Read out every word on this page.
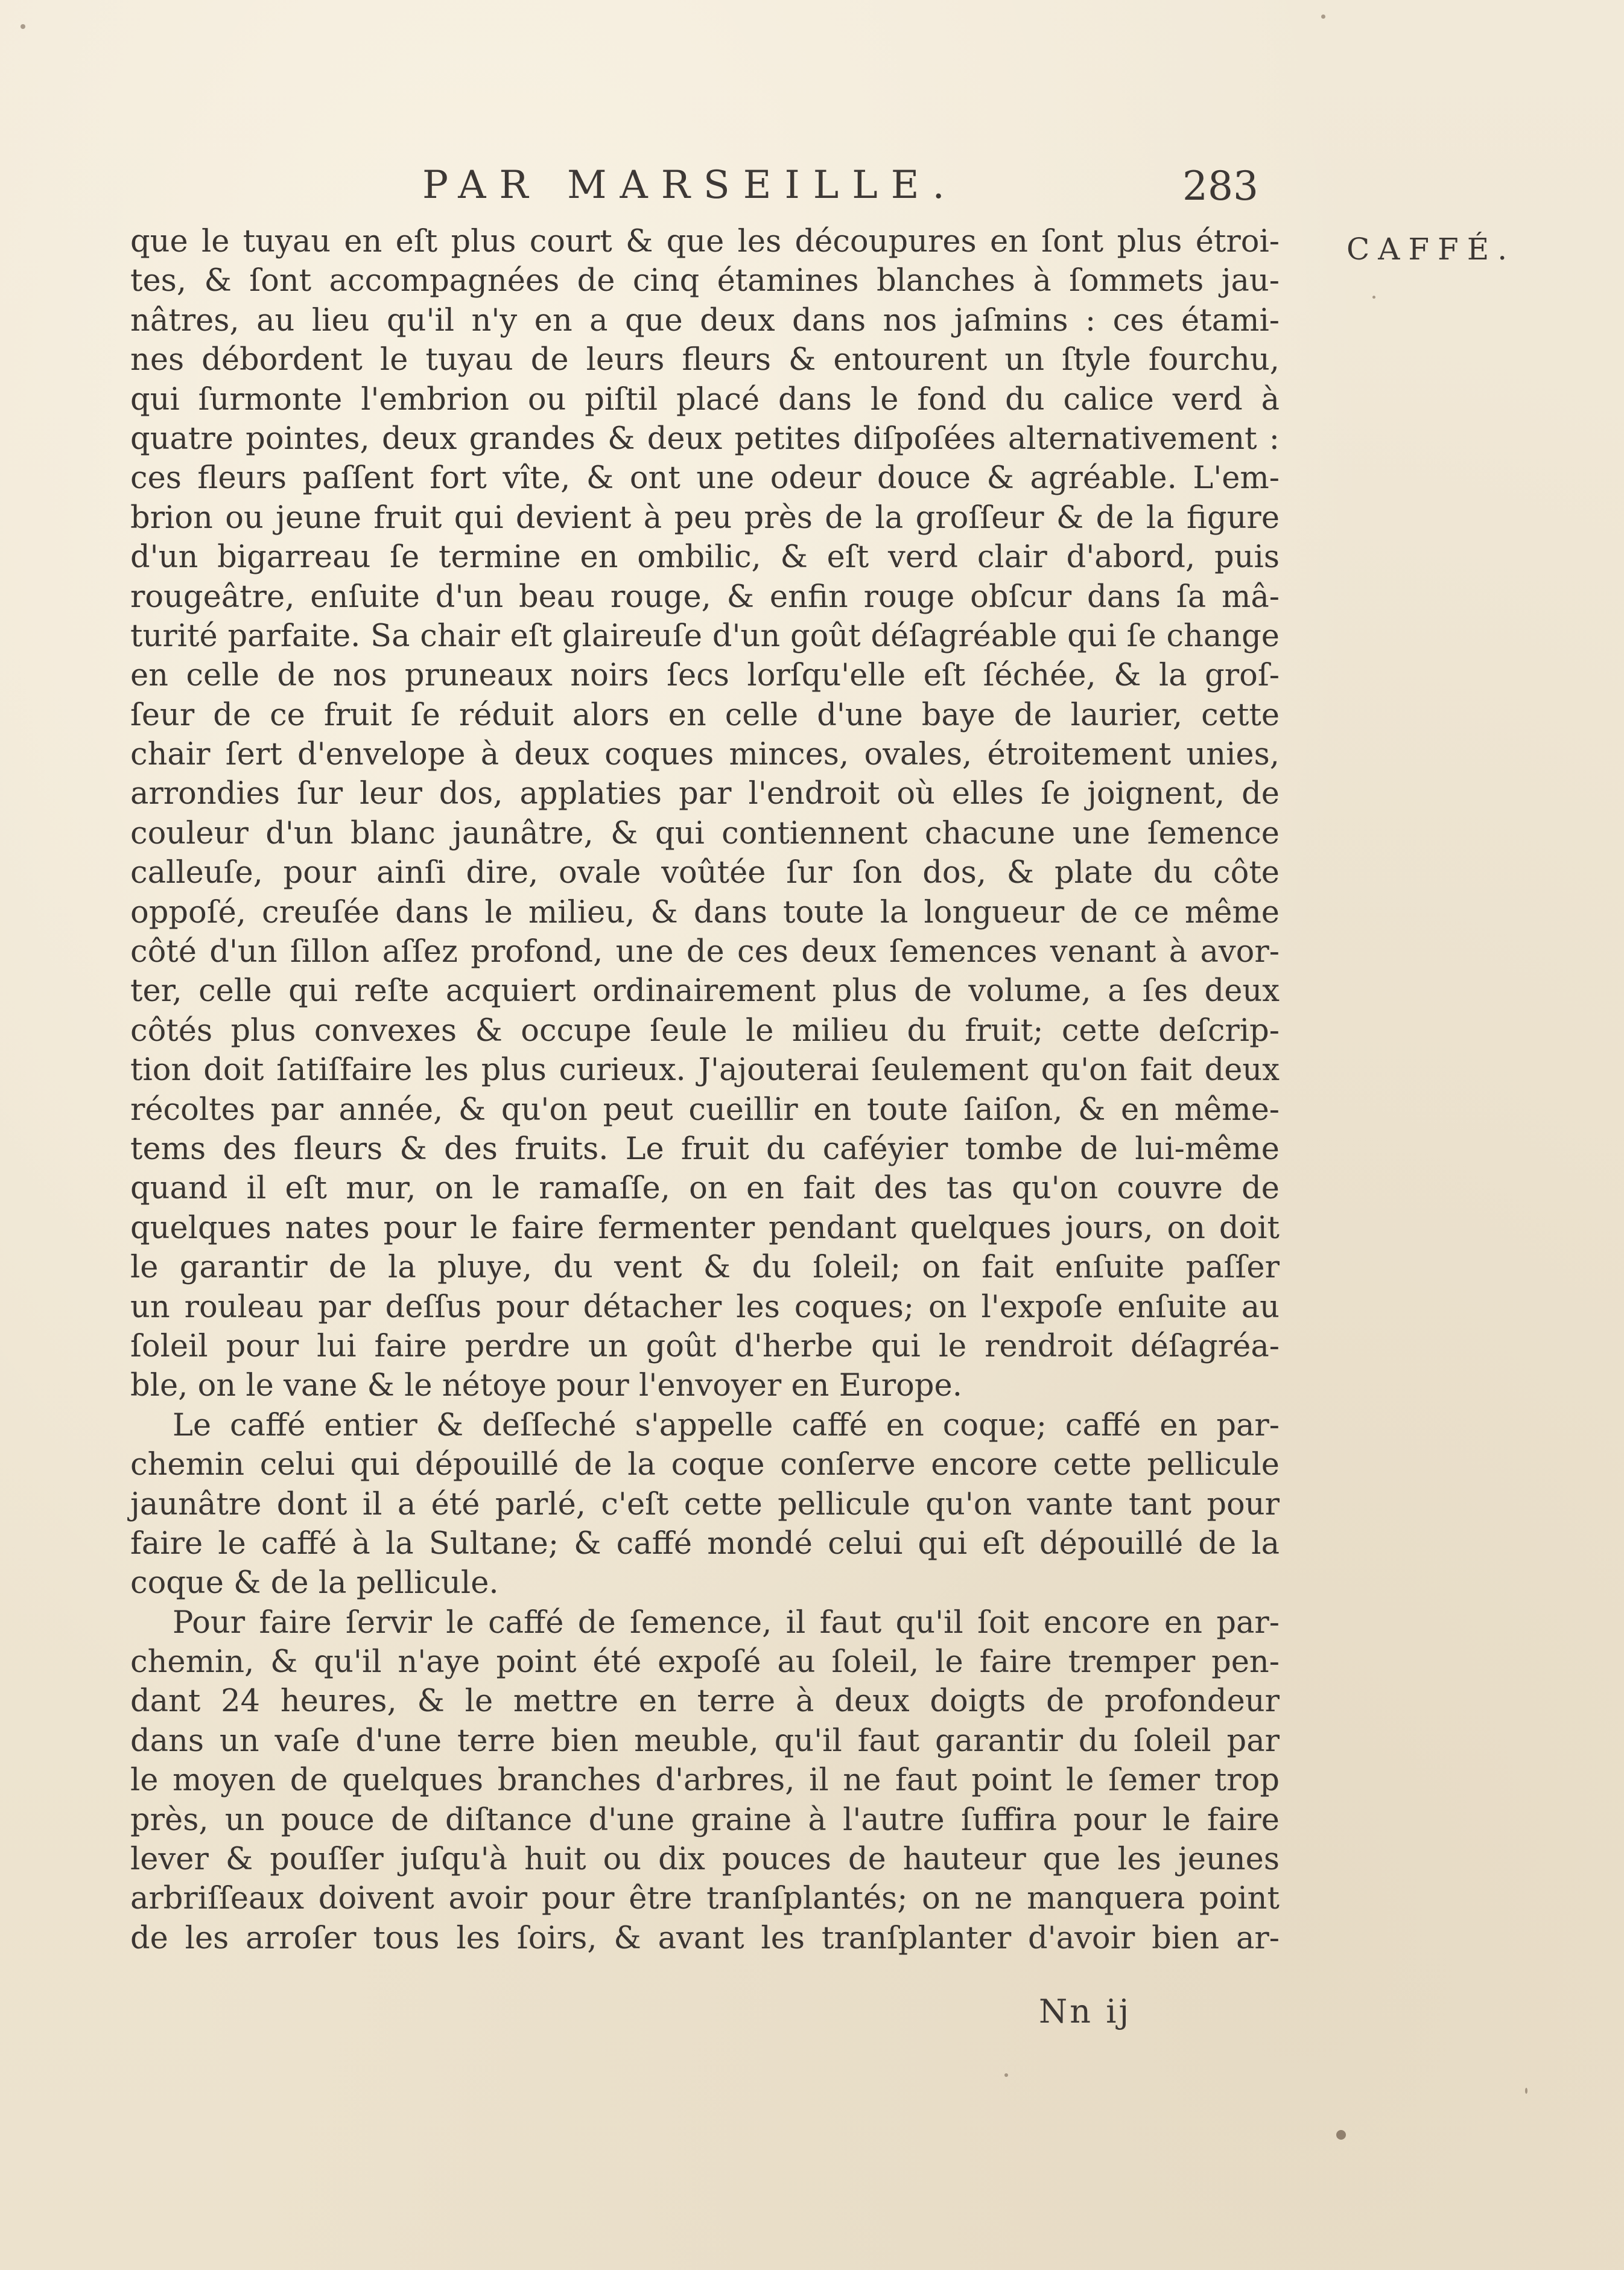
PAR MARSEILLE.	283
CAFFÉ.
que le tuyau en eſt plus court & que les découpures en ſont plus étroi-
tes, & ſont accompagnées de cinq étamines blanches à ſommets jau-
nâtres, au lieu qu'il n'y en a que deux dans nos jaſmins : ces étami-
nes débordent le tuyau de leurs fleurs & entourent un ſtyle fourchu,
qui ſurmonte l'embrion ou piſtil placé dans le fond du calice verd à
quatre pointes, deux grandes & deux petites diſpoſées alternativement :
ces fleurs paſſent fort vîte, & ont une odeur douce & agréable. L'em-
brion ou jeune fruit qui devient à peu près de la groſſeur & de la figure
d'un bigarreau ſe termine en ombilic, & eſt verd clair d'abord, puis
rougeâtre, enſuite d'un beau rouge, & enfin rouge obſcur dans ſa mâ-
turité parfaite. Sa chair eſt glaireuſe d'un goût déſagréable qui ſe change
en celle de nos pruneaux noirs ſecs lorſqu'elle eſt ſéchée, & la groſ-
ſeur de ce fruit ſe réduit alors en celle d'une baye de laurier, cette
chair ſert d'envelope à deux coques minces, ovales, étroitement unies,
arrondies ſur leur dos, applaties par l'endroit où elles ſe joignent, de
couleur d'un blanc jaunâtre, & qui contiennent chacune une ſemence
calleuſe, pour ainſi dire, ovale voûtée ſur ſon dos, & plate du côte
oppoſé, creuſée dans le milieu, & dans toute la longueur de ce même
côté d'un ſillon aſſez profond, une de ces deux ſemences venant à avor-
ter, celle qui reſte acquiert ordinairement plus de volume, a ſes deux
côtés plus convexes & occupe ſeule le milieu du fruit; cette deſcrip-
tion doit ſatiſfaire les plus curieux. J'ajouterai ſeulement qu'on fait deux
récoltes par année, & qu'on peut cueillir en toute ſaiſon, & en même-
tems des fleurs & des fruits. Le fruit du caféyier tombe de lui-même
quand il eſt mur, on le ramaſſe, on en fait des tas qu'on couvre de
quelques nates pour le faire fermenter pendant quelques jours, on doit
le garantir de la pluye, du vent & du ſoleil; on fait enſuite paſſer
un rouleau par deſſus pour détacher les coques; on l'expoſe enſuite au
ſoleil pour lui faire perdre un goût d'herbe qui le rendroit déſagréa-
ble, on le vane & le nétoye pour l'envoyer en Europe.
Le caffé entier & deſſeché s'appelle caffé en coque; caffé en par-
chemin celui qui dépouillé de la coque conſerve encore cette pellicule
jaunâtre dont il a été parlé, c'eſt cette pellicule qu'on vante tant pour
faire le caffé à la Sultane; & caffé mondé celui qui eſt dépouillé de la
coque & de la pellicule.
Pour faire ſervir le caffé de ſemence, il faut qu'il ſoit encore en par-
chemin, & qu'il n'aye point été expoſé au ſoleil, le faire tremper pen-
dant 24 heures, & le mettre en terre à deux doigts de profondeur
dans un vaſe d'une terre bien meuble, qu'il faut garantir du ſoleil par
le moyen de quelques branches d'arbres, il ne faut point le ſemer trop
près, un pouce de diſtance d'une graine à l'autre ſuffira pour le faire
lever & pouſſer juſqu'à huit ou dix pouces de hauteur que les jeunes
arbriſſeaux doivent avoir pour être tranſplantés; on ne manquera point
de les arroſer tous les ſoirs, & avant les tranſplanter d'avoir bien ar-
Nn ij
